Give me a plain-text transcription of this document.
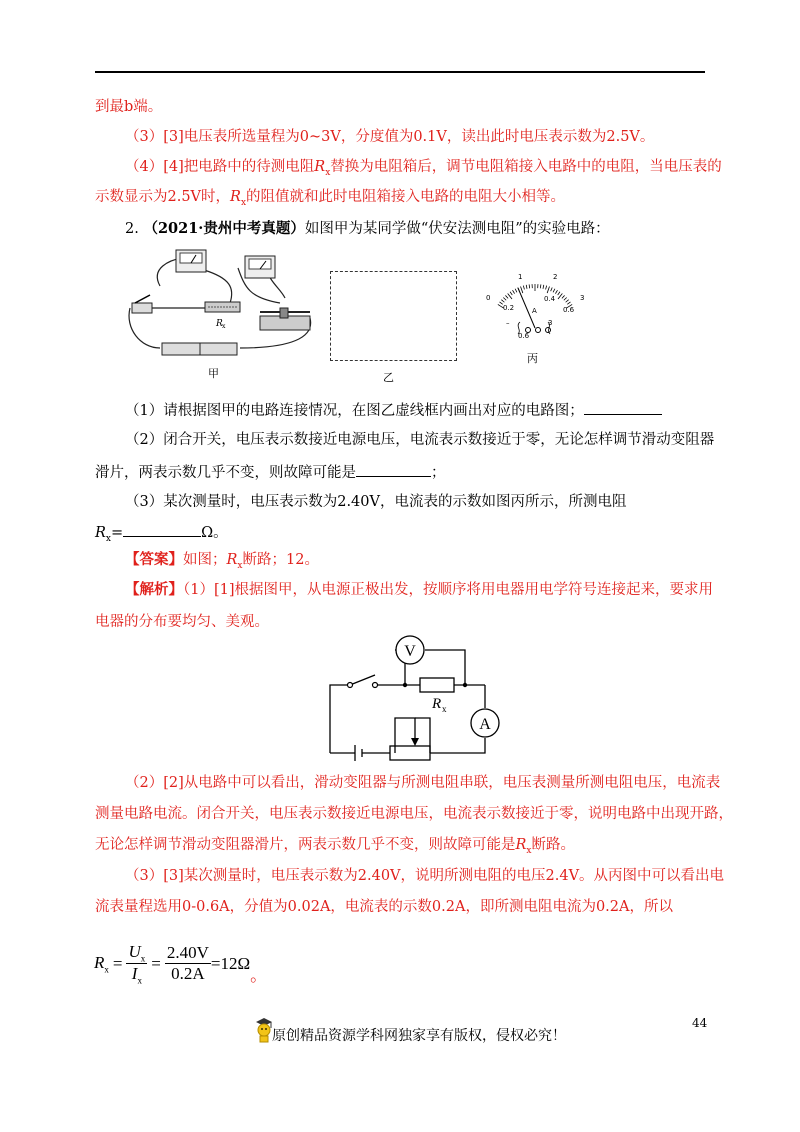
到最b端。
（3）[3]电压表所选量程为0~3V，分度值为0.1V，读出此时电压表示数为2.5V。
（4）[4]把电路中的待测电阻$R_x$替换为电阻箱后，调节电阻箱接入电路中的电阻，当电压表的
示数显示为2.5V时，$R_x$的阻值就和此时电阻箱接入电路的电阻大小相等。
2. （2021·贵州中考真题）如图甲为某同学做“伏安法测电阻”的实验电路：
R x
甲	乙
1	2
0
0.2
0.4
0.6
3
A
0.6
–	3
丙
（1）请根据图甲的电路连接情况，在图乙虚线框内画出对应的电路图；
（2）闭合开关，电压表示数接近电源电压，电流表示数接近于零，无论怎样调节滑动变阻器
滑片，两表示数几乎不变，则故障可能是	；
（3）某次测量时，电压表示数为2.40V，电流表的示数如图丙所示，所测电阻
$R_x=$	Ω。
【答案】如图；$R_x$断路；12。
【解析】（1）[1]根据图甲，从电源正极出发，按顺序将用电器用电学符号连接起来，要求用
电器的分布要均匀、美观。
V
A
R x
（2）[2]从电路中可以看出，滑动变阻器与所测电阻串联，电压表测量所测电阻电压，电流表
测量电路电流。闭合开关，电压表示数接近电源电压，电流表示数接近于零，说明电路中出现开路，
无论怎样调节滑动变阻器滑片，两表示数几乎不变，则故障可能是$R_x$断路。
（3）[3]某次测量时，电压表示数为2.40V，说明所测电阻的电压2.4V。从丙图中可以看出电
流表量程选用0-0.6A，分值为0.02A，电流表的示数0.2A，即所测电阻电流为0.2A，所以
$R_x$	=	
$U_x$
$I_x$
	=	
2.40V
0.2A
	=12Ω	。
44
原创精品资源学科网独家享有版权，侵权必究！
